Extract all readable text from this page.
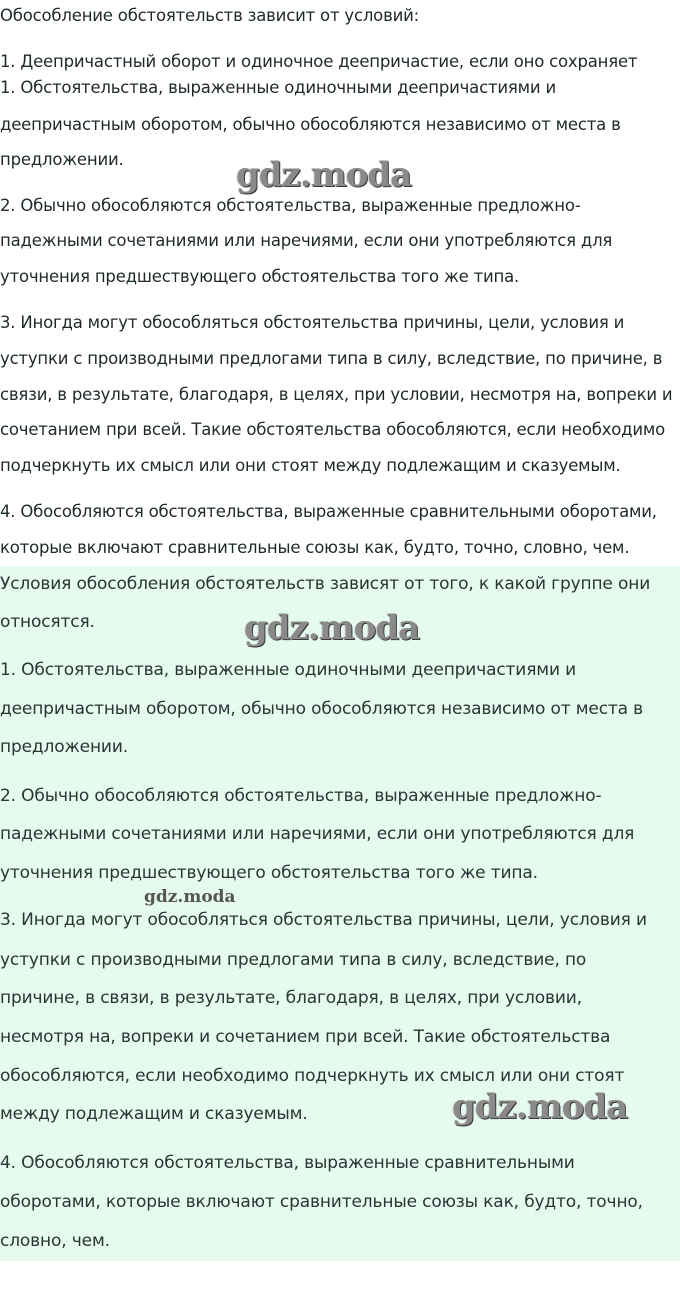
Обособление обстоятельств зависит от условий:

1. Деепричастный оборот и одиночное деепричастие, если оно сохраняет

1. Обстоятельства, выраженные одиночными деепричастиями и

деепричастным оборотом, обычно обособляются независимо от места в

предложении.

2. Обычно обособляются обстоятельства, выраженные предложно-

падежными сочетаниями или наречиями, если они употребляются для

уточнения предшествующего обстоятельства того же типа.

3. Иногда могут обособляться обстоятельства причины, цели, условия и

уступки с производными предлогами типа в силу, вследствие, по причине, в

связи, в результате, благодаря, в целях, при условии, несмотря на, вопреки и

сочетанием при всей. Такие обстоятельства обособляются, если необходимо

подчеркнуть их смысл или они стоят между подлежащим и сказуемым.

4. Обособляются обстоятельства, выраженные сравнительными оборотами,

которые включают сравнительные союзы как, будто, точно, словно, чем.

gdz.moda

Условия обособления обстоятельств зависят от того, к какой группе они

относятся.

1. Обстоятельства, выраженные одиночными деепричастиями и

деепричастным оборотом, обычно обособляются независимо от места в

предложении.

2. Обычно обособляются обстоятельства, выраженные предложно-

падежными сочетаниями или наречиями, если они употребляются для

уточнения предшествующего обстоятельства того же типа.

3. Иногда могут обособляться обстоятельства причины, цели, условия и

уступки с производными предлогами типа в силу, вследствие, по

причине, в связи, в результате, благодаря, в целях, при условии,

несмотря на, вопреки и сочетанием при всей. Такие обстоятельства

обособляются, если необходимо подчеркнуть их смысл или они стоят

между подлежащим и сказуемым.

4. Обособляются обстоятельства, выраженные сравнительными

оборотами, которые включают сравнительные союзы как, будто, точно,

словно, чем.

gdz.moda
gdz.moda
gdz.moda
